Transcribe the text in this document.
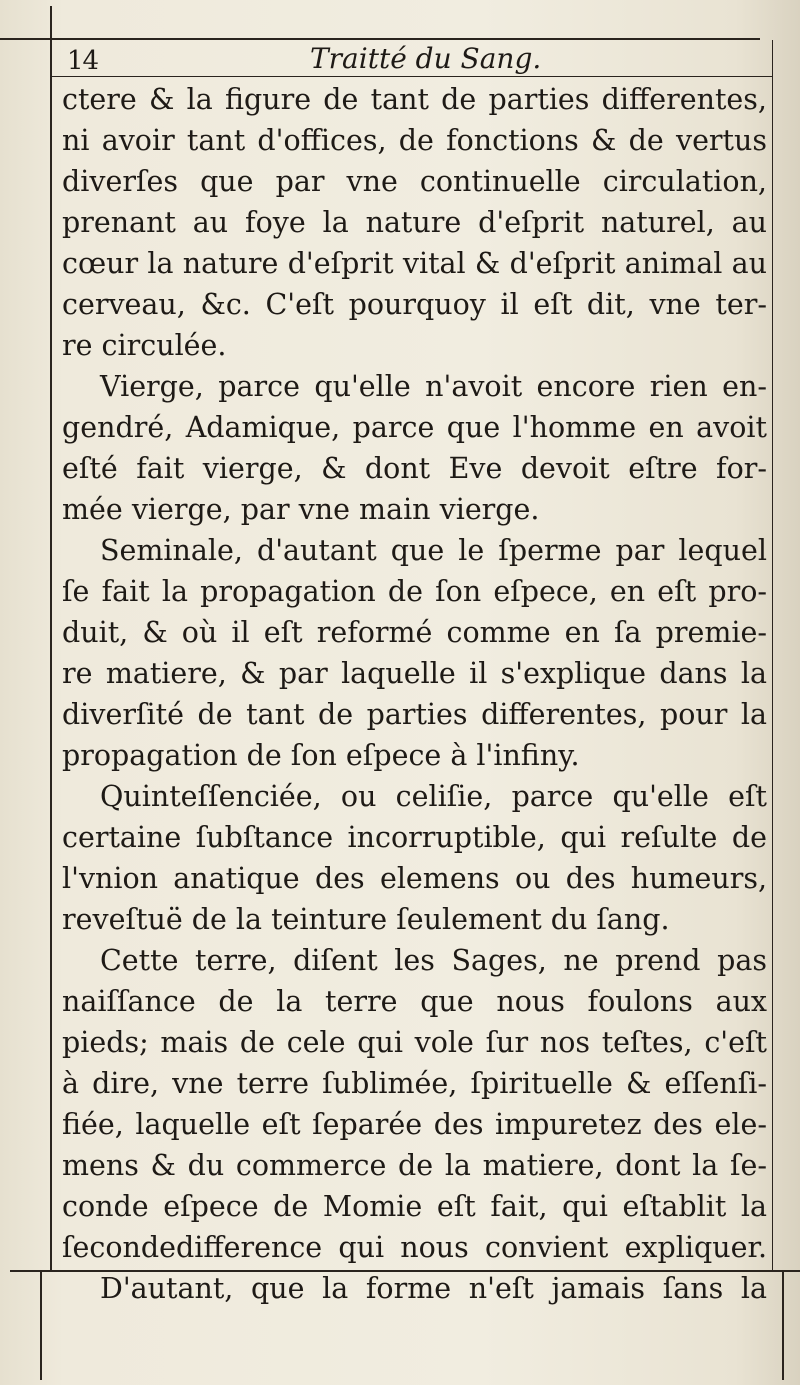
14	Traitté du Sang.
ctere & la figure de tant de parties differentes,
ni avoir tant d'offices, de fonctions & de vertus
diverſes que par vne continuelle circulation,
prenant au foye la nature d'eſprit naturel, au
cœur la nature d'eſprit vital & d'eſprit animal au
cerveau, &c. C'eſt pourquoy il eſt dit, vne ter-
re circulée.
Vierge, parce qu'elle n'avoit encore rien en-
gendré, Adamique, parce que l'homme en avoit
eſté fait vierge, & dont Eve devoit eſtre for-
mée vierge, par vne main vierge.
Seminale, d'autant que le ſperme par lequel
ſe fait la propagation de ſon eſpece, en eſt pro-
duit, & où il eſt reformé comme en ſa premie-
re matiere, & par laquelle il s'explique dans la
diverſité de tant de parties differentes, pour la
propagation de ſon eſpece à l'infiny.
Quinteſſenciée, ou celiſie, parce qu'elle eſt
certaine ſubſtance incorruptible, qui reſulte de
l'vnion anatique des elemens ou des humeurs,
reveſtuë de la teinture ſeulement du ſang.
Cette terre, diſent les Sages, ne prend pas
naiſſance de la terre que nous foulons aux
pieds; mais de cele qui vole ſur nos teſtes, c'eſt
à dire, vne terre ſublimée, ſpirituelle & eſſenſi-
fiée, laquelle eſt ſeparée des impuretez des ele-
mens & du commerce de la matiere, dont la ſe-
conde eſpece de Momie eſt fait, qui eſtablit la
ſecondedifference qui nous convient expliquer.
D'autant, que la forme n'eſt jamais ſans la
